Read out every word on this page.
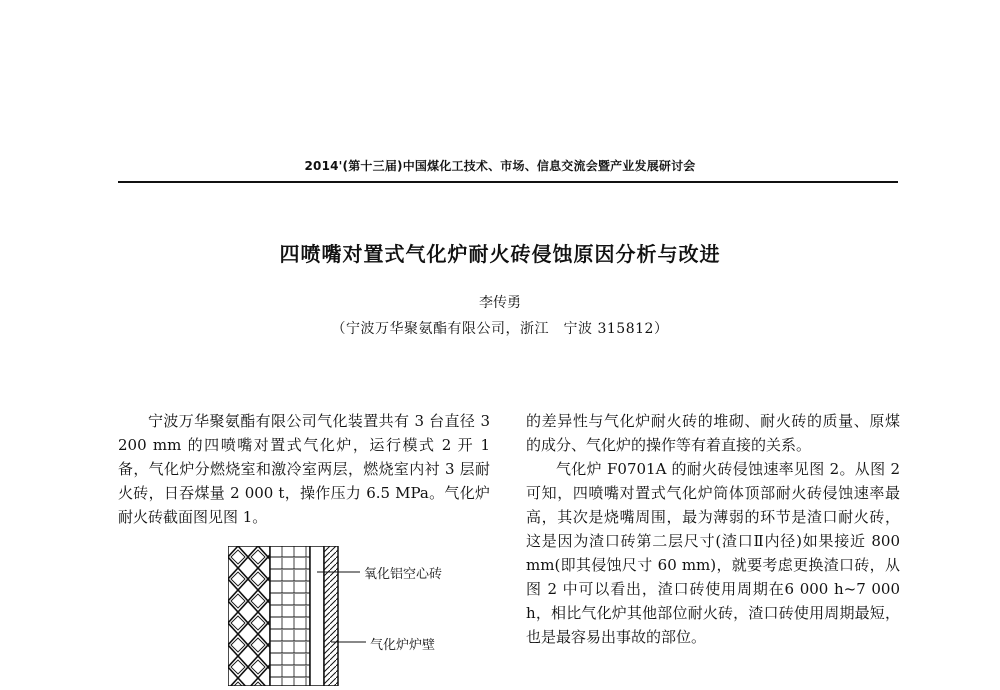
2014'(第十三届)中国煤化工技术、市场、信息交流会暨产业发展研讨会
四喷嘴对置式气化炉耐火砖侵蚀原因分析与改进
李传勇
（宁波万华聚氨酯有限公司，浙江　宁波 315812）

宁波万华聚氨酯有限公司气化装置共有 3 台直径 3 200 mm 的四喷嘴对置式气化炉，运行模式 2 开 1 备，气化炉分燃烧室和激冷室两层，燃烧室内衬 3 层耐火砖，日吞煤量 2 000 t，操作压力 6.5 MPa。气化炉耐火砖截面图见图 1。

氧化铝空心砖
气化炉炉壁

的差异性与气化炉耐火砖的堆砌、耐火砖的质量、原煤的成分、气化炉的操作等有着直接的关系。

气化炉 F0701A 的耐火砖侵蚀速率见图 2。从图 2 可知，四喷嘴对置式气化炉筒体顶部耐火砖侵蚀速率最高，其次是烧嘴周围，最为薄弱的环节是渣口耐火砖，这是因为渣口砖第二层尺寸(渣口Ⅱ内径)如果接近 800 mm(即其侵蚀尺寸 60 mm)，就要考虑更换渣口砖，从图 2 中可以看出，渣口砖使用周期在6 000 h~7 000 h，相比气化炉其他部位耐火砖，渣口砖使用周期最短，也是最容易出事故的部位。
